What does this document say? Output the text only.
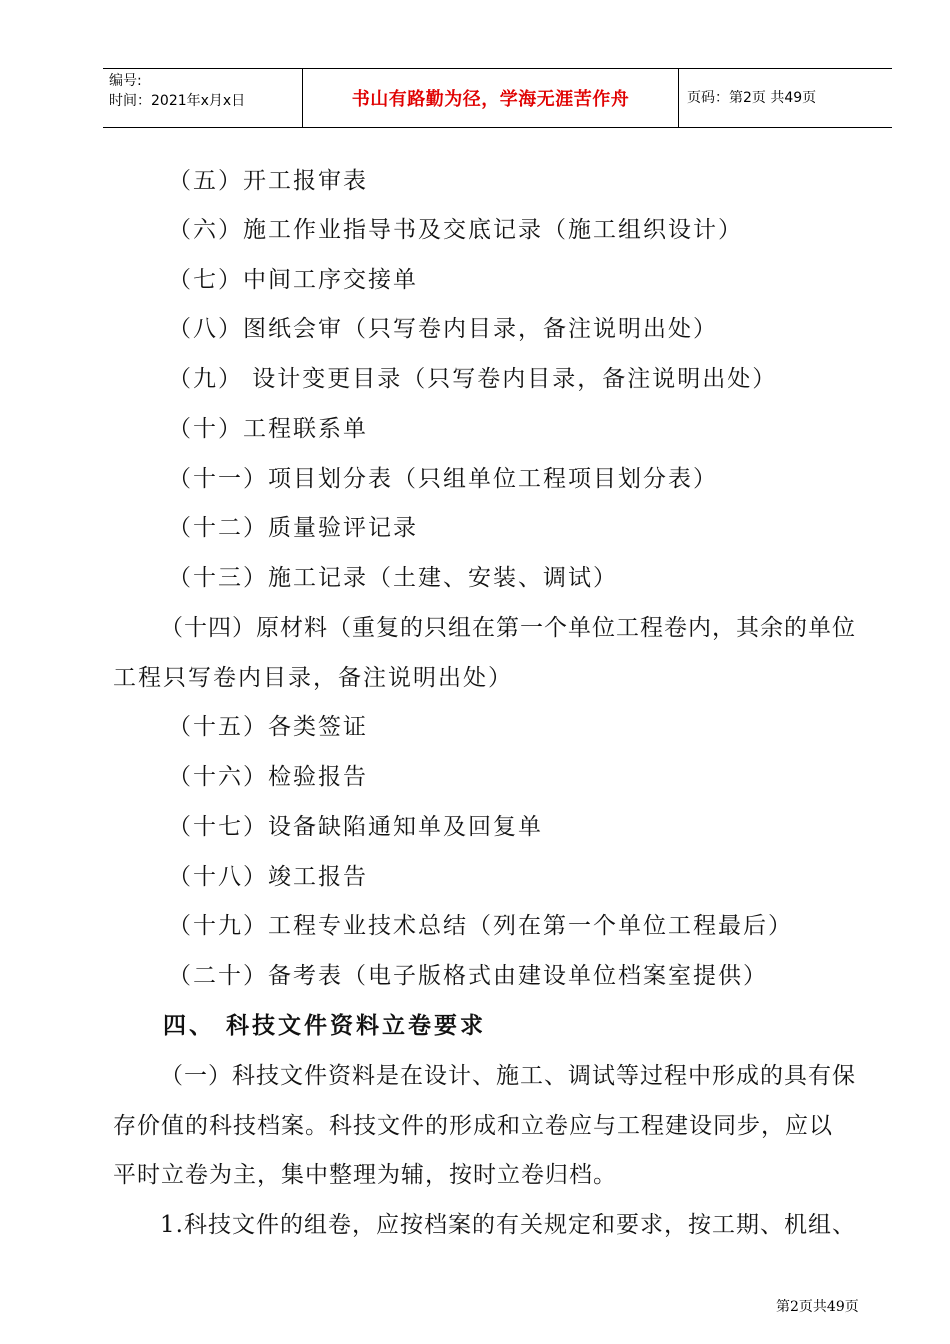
编号:
时间：2021年x月x日	书山有路勤为径，学海无涯苦作舟	页码：第2页 共49页
（五）开工报审表
（六）施工作业指导书及交底记录（施工组织设计）
（七）中间工序交接单
（八）图纸会审（只写卷内目录，备注说明出处）
（九） 设计变更目录（只写卷内目录，备注说明出处）
（十）工程联系单
（十一）项目划分表（只组单位工程项目划分表）
（十二）质量验评记录
（十三）施工记录（土建、安装、调试）
（十四）原材料（重复的只组在第一个单位工程卷内，其余的单位
工程只写卷内目录，备注说明出处）
（十五）各类签证
（十六）检验报告
（十七）设备缺陷通知单及回复单
（十八）竣工报告
（十九）工程专业技术总结（列在第一个单位工程最后）
（二十）备考表（电子版格式由建设单位档案室提供）
四、 科技文件资料立卷要求
（一）科技文件资料是在设计、施工、调试等过程中形成的具有保
存价值的科技档案。科技文件的形成和立卷应与工程建设同步，应以
平时立卷为主，集中整理为辅，按时立卷归档。
1.科技文件的组卷，应按档案的有关规定和要求，按工期、机组、
第2页共49页
